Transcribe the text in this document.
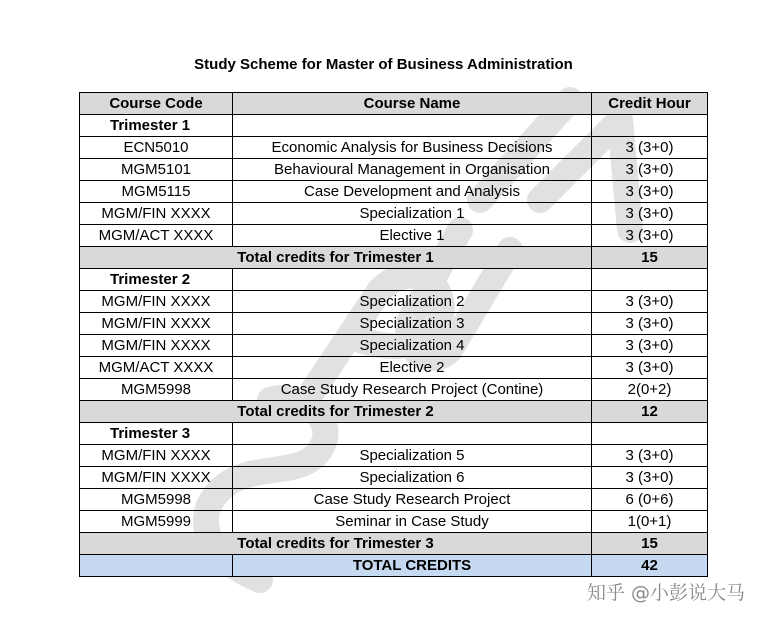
Study Scheme for Master of Business Administration
Course Code	Course Name	Credit Hour
Trimester 1		
ECN5010	Economic Analysis for Business Decisions	3 (3+0)
MGM5101	Behavioural Management in Organisation	3 (3+0)
MGM5115	Case Development and Analysis	3 (3+0)
MGM/FIN XXXX	Specialization 1	3 (3+0)
MGM/ACT XXXX	Elective 1	3 (3+0)
Total credits for Trimester 1		15
Trimester 2		
MGM/FIN XXXX	Specialization 2	3 (3+0)
MGM/FIN XXXX	Specialization 3	3 (3+0)
MGM/FIN XXXX	Specialization 4	3 (3+0)
MGM/ACT XXXX	Elective 2	3 (3+0)
MGM5998	Case Study Research Project (Contine)	2(0+2)
Total credits for Trimester 2		12
Trimester 3		
MGM/FIN XXXX	Specialization 5	3 (3+0)
MGM/FIN XXXX	Specialization 6	3 (3+0)
MGM5998	Case Study Research Project	6 (0+6)
MGM5999	Seminar in Case Study	1(0+1)
Total credits for Trimester 3		15
	TOTAL CREDITS	42
知乎 @小彭说大马
